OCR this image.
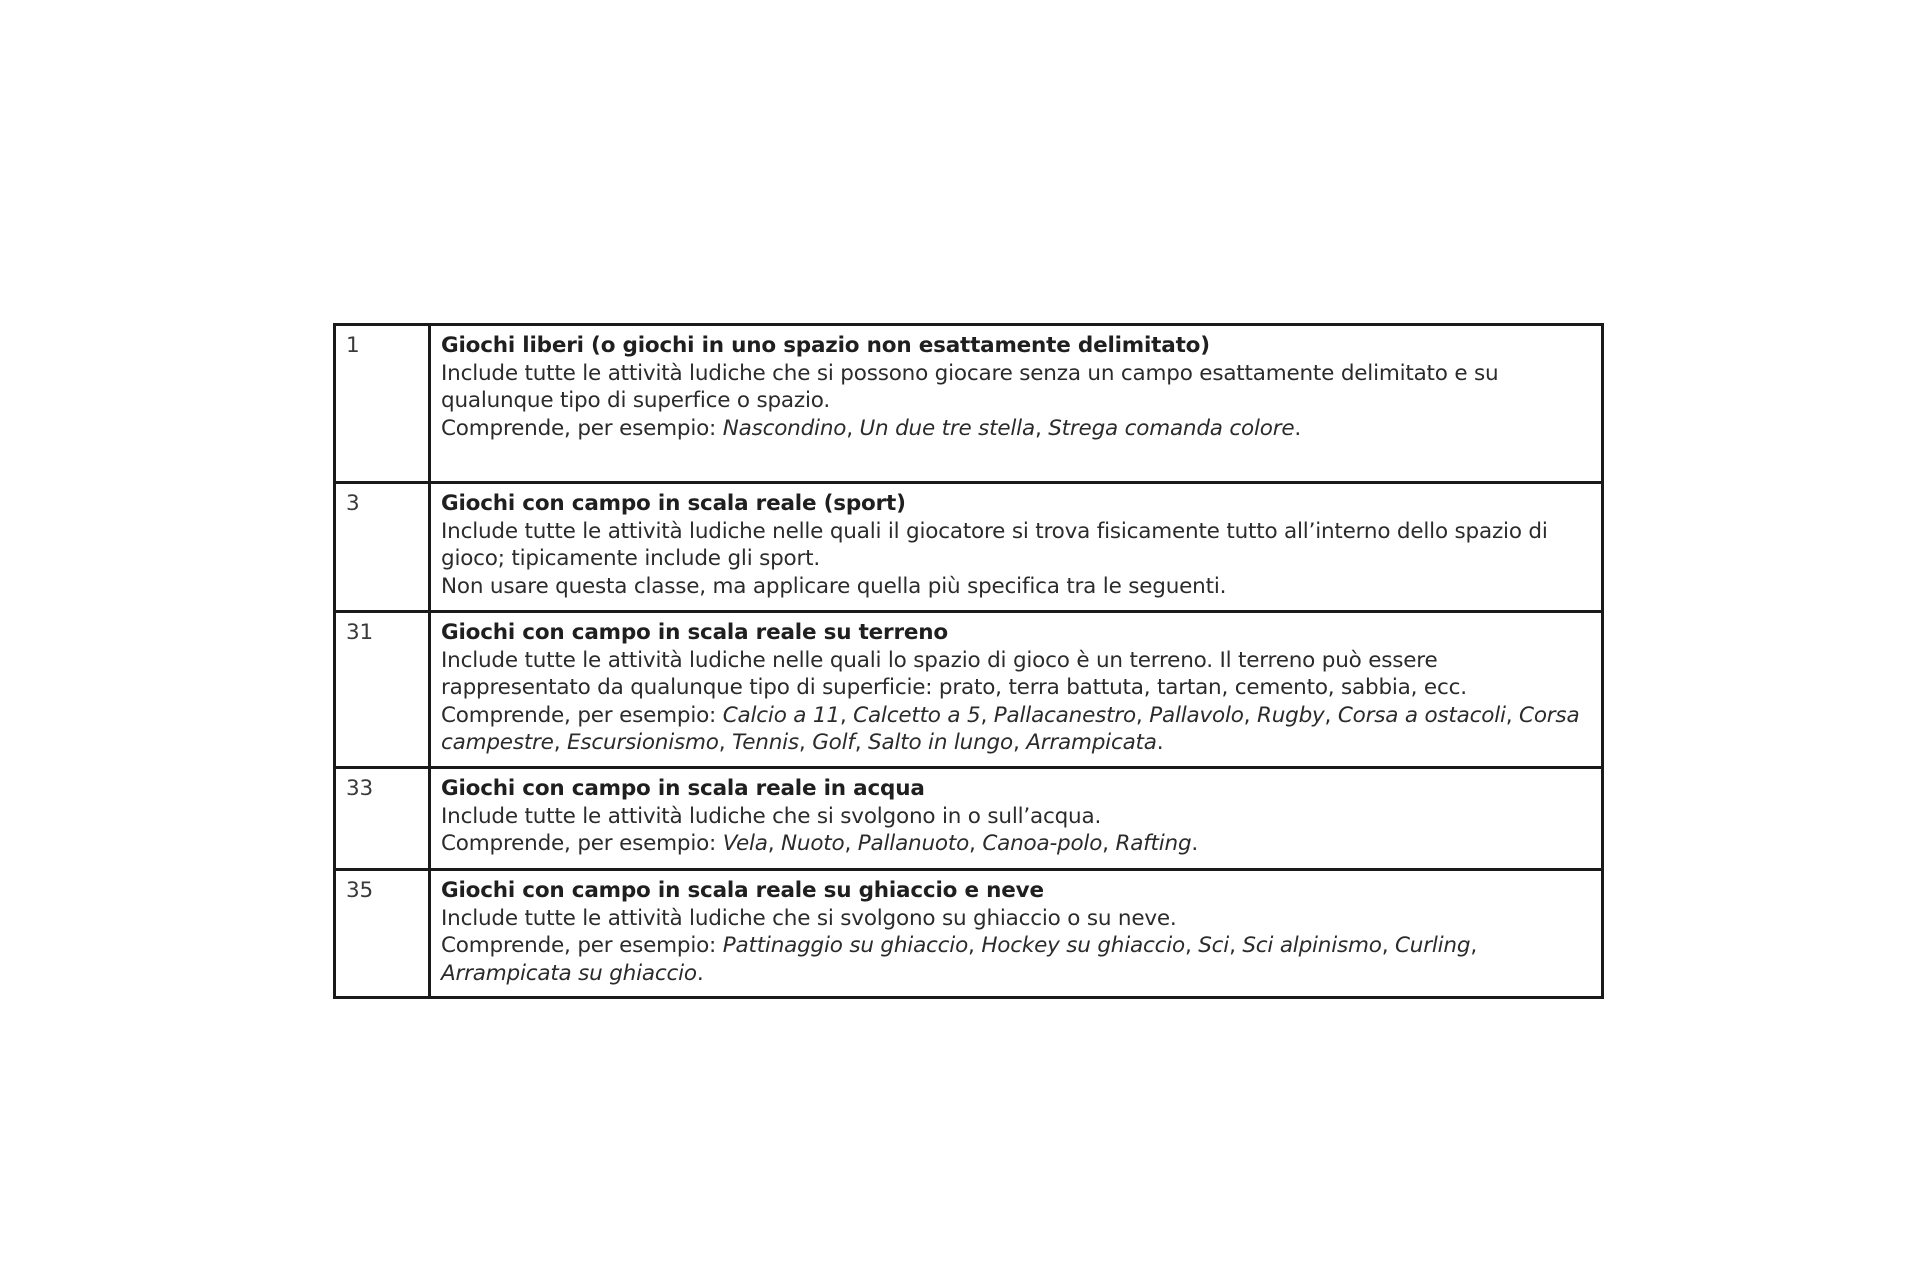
1	Giochi liberi (o giochi in uno spazio non esattamente delimitato)
Include tutte le attività ludiche che si possono giocare senza un campo esattamente delimitato e su qualunque tipo di superfice o spazio.
Comprende, per esempio: Nascondino, Un due tre stella, Strega comanda colore.

3	Giochi con campo in scala reale (sport)
Include tutte le attività ludiche nelle quali il giocatore si trova fisicamente tutto all’interno dello spazio di gioco; tipicamente include gli sport.
Non usare questa classe, ma applicare quella più specifica tra le seguenti.

31	Giochi con campo in scala reale su terreno
Include tutte le attività ludiche nelle quali lo spazio di gioco è un terreno. Il terreno può essere rappresentato da qualunque tipo di superficie: prato, terra battuta, tartan, cemento, sabbia, ecc.
Comprende, per esempio: Calcio a 11, Calcetto a 5, Pallacanestro, Pallavolo, Rugby, Corsa a ostacoli, Corsa campestre, Escursionismo, Tennis, Golf, Salto in lungo, Arrampicata.

33	Giochi con campo in scala reale in acqua
Include tutte le attività ludiche che si svolgono in o sull’acqua.
Comprende, per esempio: Vela, Nuoto, Pallanuoto, Canoa-polo, Rafting.

35	Giochi con campo in scala reale su ghiaccio e neve
Include tutte le attività ludiche che si svolgono su ghiaccio o su neve.
Comprende, per esempio: Pattinaggio su ghiaccio, Hockey su ghiaccio, Sci, Sci alpinismo, Curling, Arrampicata su ghiaccio.
